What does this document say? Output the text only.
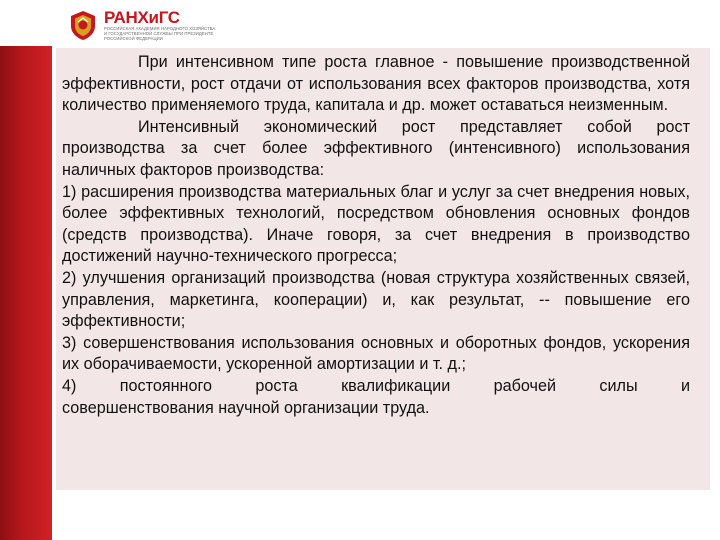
РАНХиГС
РОССИЙСКАЯ АКАДЕМИЯ НАРОДНОГО ХОЗЯЙСТВА
И ГОСУДАРСТВЕННОЙ СЛУЖБЫ ПРИ ПРЕЗИДЕНТЕ
РОССИЙСКОЙ ФЕДЕРАЦИИ

При интенсивном типе роста главное - повышение производственной эффективности, рост отдачи от использования всех факторов производства, хотя количество применяемого труда, капитала и др. может оставаться неизменным.

Интенсивный экономический рост представляет собой рост производства за счет более эффективного (интенсивного) использования наличных факторов производства:

1) расширения производства материальных благ и услуг за счет внедрения новых, более эффективных технологий, посредством обновления основных фондов (средств производства). Иначе говоря, за счет внедрения в производство достижений научно-технического прогресса;

2) улучшения организаций производства (новая структура хозяйственных связей, управления, маркетинга, кооперации) и, как результат, -- повышение его эффективности;

3) совершенствования использования основных и оборотных фондов, ускорения их оборачиваемости, ускоренной амортизации и т. д.;

4) постоянного роста квалификации рабочей силы и

совершенствования научной организации труда.
